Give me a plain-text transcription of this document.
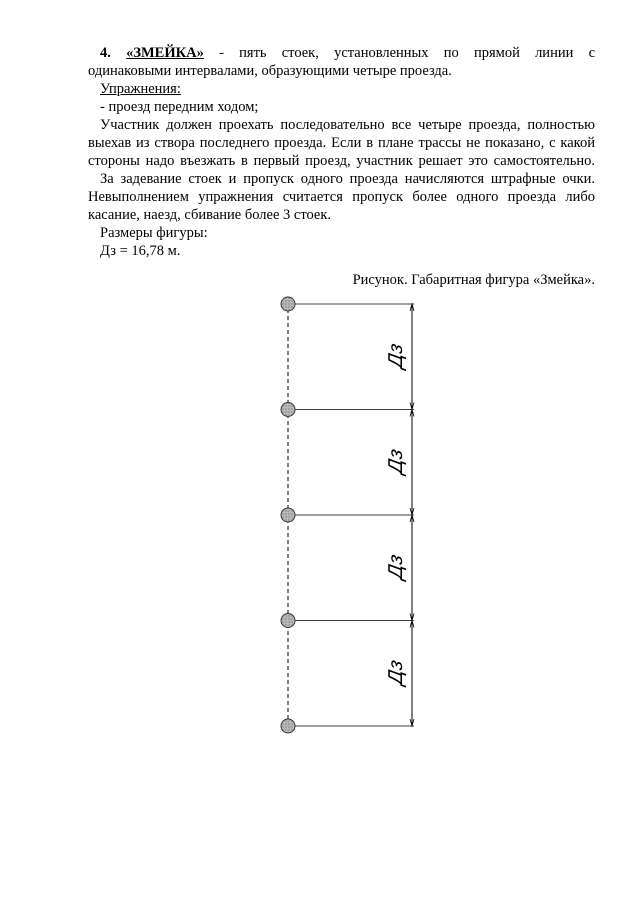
4. «ЗМЕЙКА» - пять стоек, установленных по прямой линии с

одинаковыми интервалами, образующими четыре проезда.

Упражнения:

- проезд передним ходом;

Участник должен проехать последовательно все четыре проезда, полностью

выехав из створа последнего проезда. Если в плане трассы не показано, с какой

стороны надо въезжать в первый проезд, участник решает это самостоятельно.

За задевание стоек и пропуск одного проезда начисляются штрафные очки.

Невыполнением упражнения считается пропуск более одного проезда либо

касание, наезд, сбивание более 3 стоек.

Размеры фигуры:

Дз = 16,78 м.

Рисунок. Габаритная фигура «Змейка».
Дз
Дз
Дз
Дз
